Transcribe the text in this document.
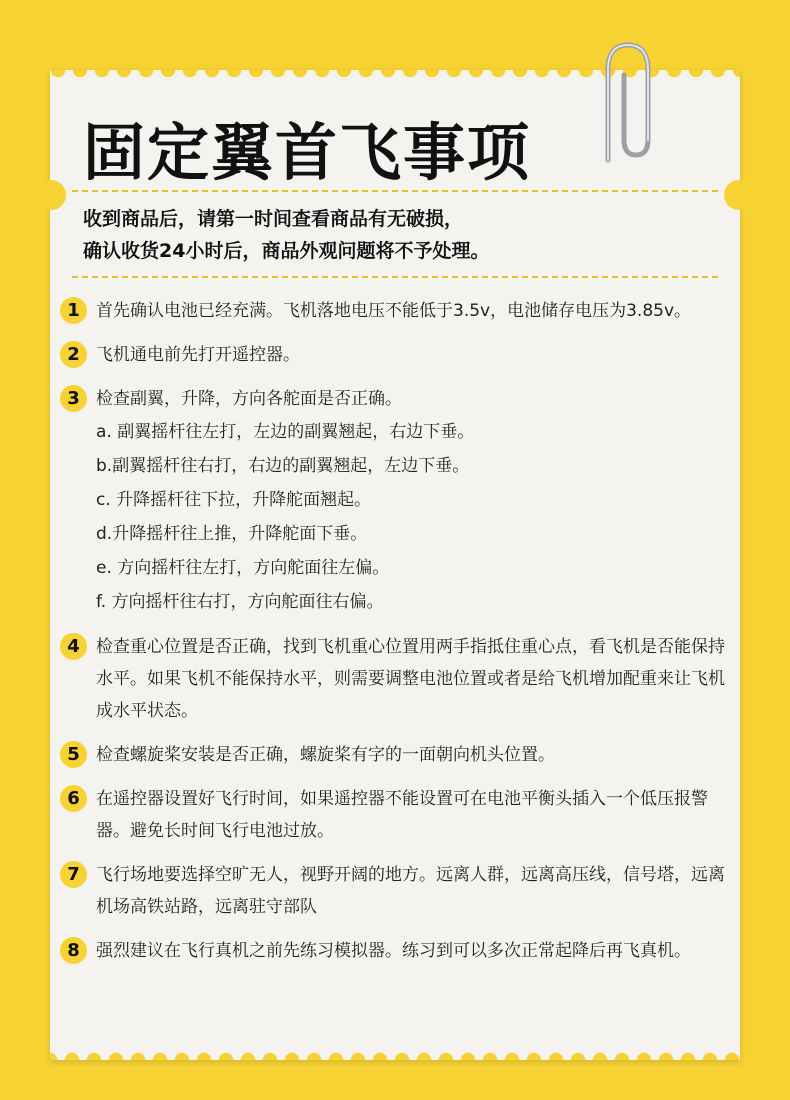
固定翼首飞事项
收到商品后，请第一时间查看商品有无破损，
确认收货24小时后，商品外观问题将不予处理。
1 首先确认电池已经充满。飞机落地电压不能低于3.5v，电池储存电压为3.85v。
2 飞机通电前先打开遥控器。
3 检查副翼，升降，方向各舵面是否正确。
a. 副翼摇杆往左打，左边的副翼翘起，右边下垂。
b.副翼摇杆往右打，右边的副翼翘起，左边下垂。
c. 升降摇杆往下拉，升降舵面翘起。
d.升降摇杆往上推，升降舵面下垂。
e. 方向摇杆往左打，方向舵面往左偏。
f. 方向摇杆往右打，方向舵面往右偏。
4 检查重心位置是否正确，找到飞机重心位置用两手指抵住重心点，看飞机是否能保持水平。如果飞机不能保持水平，则需要调整电池位置或者是给飞机增加配重来让飞机成水平状态。
5 检查螺旋桨安装是否正确，螺旋桨有字的一面朝向机头位置。
6 在遥控器设置好飞行时间，如果遥控器不能设置可在电池平衡头插入一个低压报警器。避免长时间飞行电池过放。
7 飞行场地要选择空旷无人，视野开阔的地方。远离人群，远离高压线，信号塔，远离机场高铁站路，远离驻守部队
8 强烈建议在飞行真机之前先练习模拟器。练习到可以多次正常起降后再飞真机。
